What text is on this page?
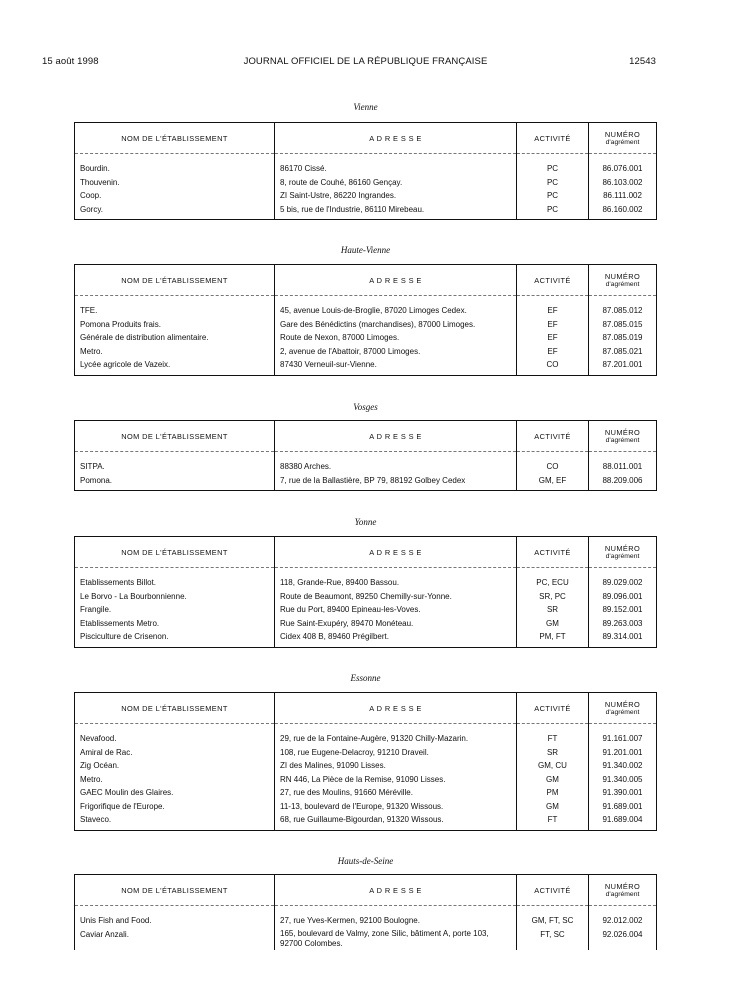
15 août 1998	JOURNAL OFFICIEL DE LA RÉPUBLIQUE FRANÇAISE	12543
Vienne
NOM DE L'ÉTABLISSEMENT	A D R E S S E	ACTIVITÉ	NUMÉRO
d'agrément

Bourdin.	86170 Cissé.	PC	86.076.001
Thouvenin.	8, route de Couhé, 86160 Gençay.	PC	86.103.002
Coop.	ZI Saint-Ustre, 86220 Ingrandes.	PC	86.111.002
Gorcy.	5 bis, rue de l'Industrie, 86110 Mirebeau.	PC	86.160.002

Haute-Vienne
NOM DE L'ÉTABLISSEMENT	A D R E S S E	ACTIVITÉ	NUMÉRO
d'agrément

TFE.	45, avenue Louis-de-Broglie, 87020 Limoges Cedex.	EF	87.085.012
Pomona Produits frais.	Gare des Bénédictins (marchandises), 87000 Limoges.	EF	87.085.015
Générale de distribution alimentaire.	Route de Nexon, 87000 Limoges.	EF	87.085.019
Metro.	2, avenue de l'Abattoir, 87000 Limoges.	EF	87.085.021
Lycée agricole de Vazeix.	87430 Verneuil-sur-Vienne.	CO	87.201.001

Vosges
NOM DE L'ÉTABLISSEMENT	A D R E S S E	ACTIVITÉ	NUMÉRO
d'agrément

SITPA.	88380 Arches.	CO	88.011.001
Pomona.	7, rue de la Ballastière, BP 79, 88192 Golbey Cedex	GM, EF	88.209.006

Yonne
NOM DE L'ÉTABLISSEMENT	A D R E S S E	ACTIVITÉ	NUMÉRO
d'agrément

Etablissements Billot.	118, Grande-Rue, 89400 Bassou.	PC, ECU	89.029.002
Le Borvo - La Bourbonnienne.	Route de Beaumont, 89250 Chemilly-sur-Yonne.	SR, PC	89.096.001
Frangile.	Rue du Port, 89400 Epineau-les-Voves.	SR	89.152.001
Etablissements Metro.	Rue Saint-Exupéry, 89470 Monéteau.	GM	89.263.003
Pisciculture de Crisenon.	Cidex 408 B, 89460 Prégilbert.	PM, FT	89.314.001

Essonne
NOM DE L'ÉTABLISSEMENT	A D R E S S E	ACTIVITÉ	NUMÉRO
d'agrément

Nevafood.	29, rue de la Fontaine-Augère, 91320 Chilly-Mazarin.	FT	91.161.007
Amiral de Rac.	108, rue Eugene-Delacroy, 91210 Draveil.	SR	91.201.001
Zig Océan.	ZI des Malines, 91090 Lisses.	GM, CU	91.340.002
Metro.	RN 446, La Pièce de la Remise, 91090 Lisses.	GM	91.340.005
GAEC Moulin des Glaires.	27, rue des Moulins, 91660 Méréville.	PM	91.390.001
Frigorifique de l'Europe.	11-13, boulevard de l'Europe, 91320 Wissous.	GM	91.689.001
Staveco.	68, rue Guillaume-Bigourdan, 91320 Wissous.	FT	91.689.004

Hauts-de-Seine
NOM DE L'ÉTABLISSEMENT	A D R E S S E	ACTIVITÉ	NUMÉRO
d'agrément

Unis Fish and Food.	27, rue Yves-Kermen, 92100 Boulogne.	GM, FT, SC	92.012.002
Caviar Anzali.	165, boulevard de Valmy, zone Silic, bâtiment A, porte 103, 92700 Colombes.	FT, SC	92.026.004
